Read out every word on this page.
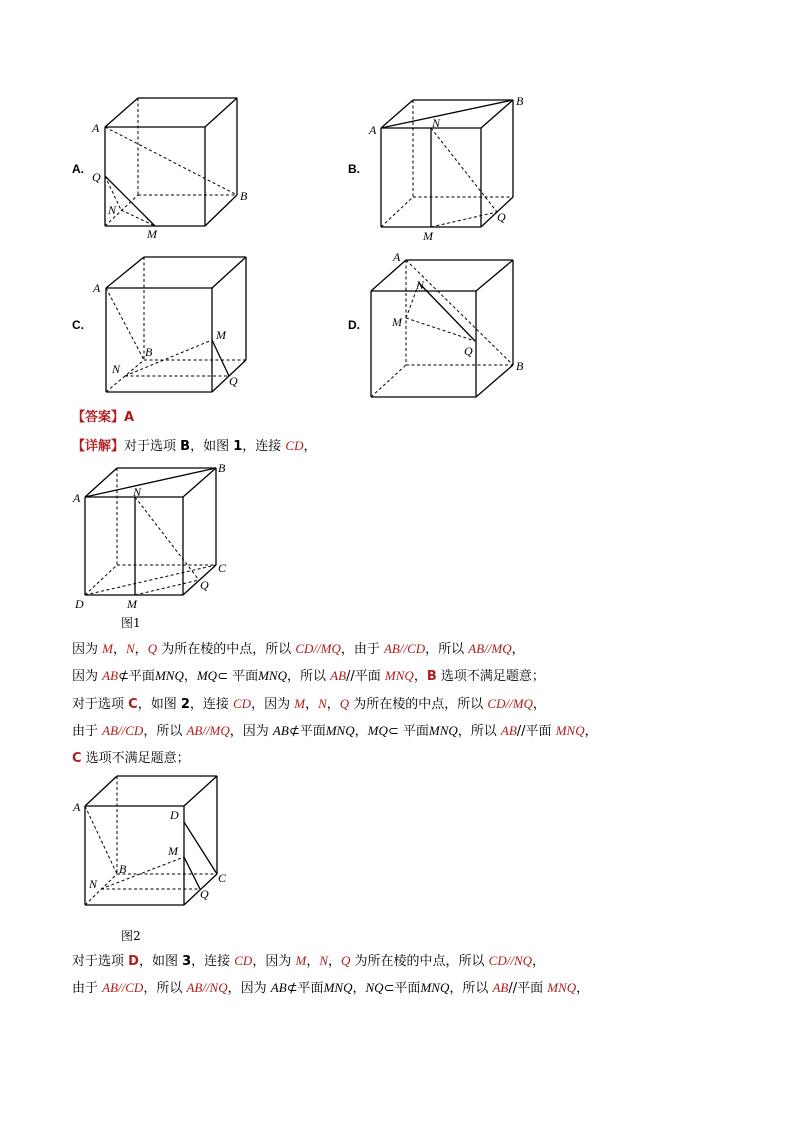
A.
A
B
Q
N
M
B.
A
B
N
Q
M
C.
A
B
M
N
Q
D.
A
N
M
Q
B
【答案】A
【详解】对于选项 B，如图 1，连接 CD，
A
B
N
C
Q
D	M
图1
因为 M，N，Q 为所在棱的中点，所以 CD//MQ，由于 AB//CD，所以 AB//MQ，
因为 AB⊄平面MNQ，MQ⊂ 平面MNQ，所以 AB//平面 MNQ，B 选项不满足题意；
对于选项 C，如图 2，连接 CD，因为 M，N，Q 为所在棱的中点，所以 CD//MQ，
由于 AB//CD，所以 AB//MQ，因为 AB⊄平面MNQ，MQ⊂ 平面MNQ，所以 AB//平面 MNQ，
C 选项不满足题意；
A
D
M
B
N	C
Q
图2
对于选项 D，如图 3，连接 CD，因为 M，N，Q 为所在棱的中点，所以 CD//NQ，
由于 AB//CD，所以 AB//NQ，因为 AB⊄平面MNQ，NQ⊂平面MNQ，所以 AB//平面 MNQ，
